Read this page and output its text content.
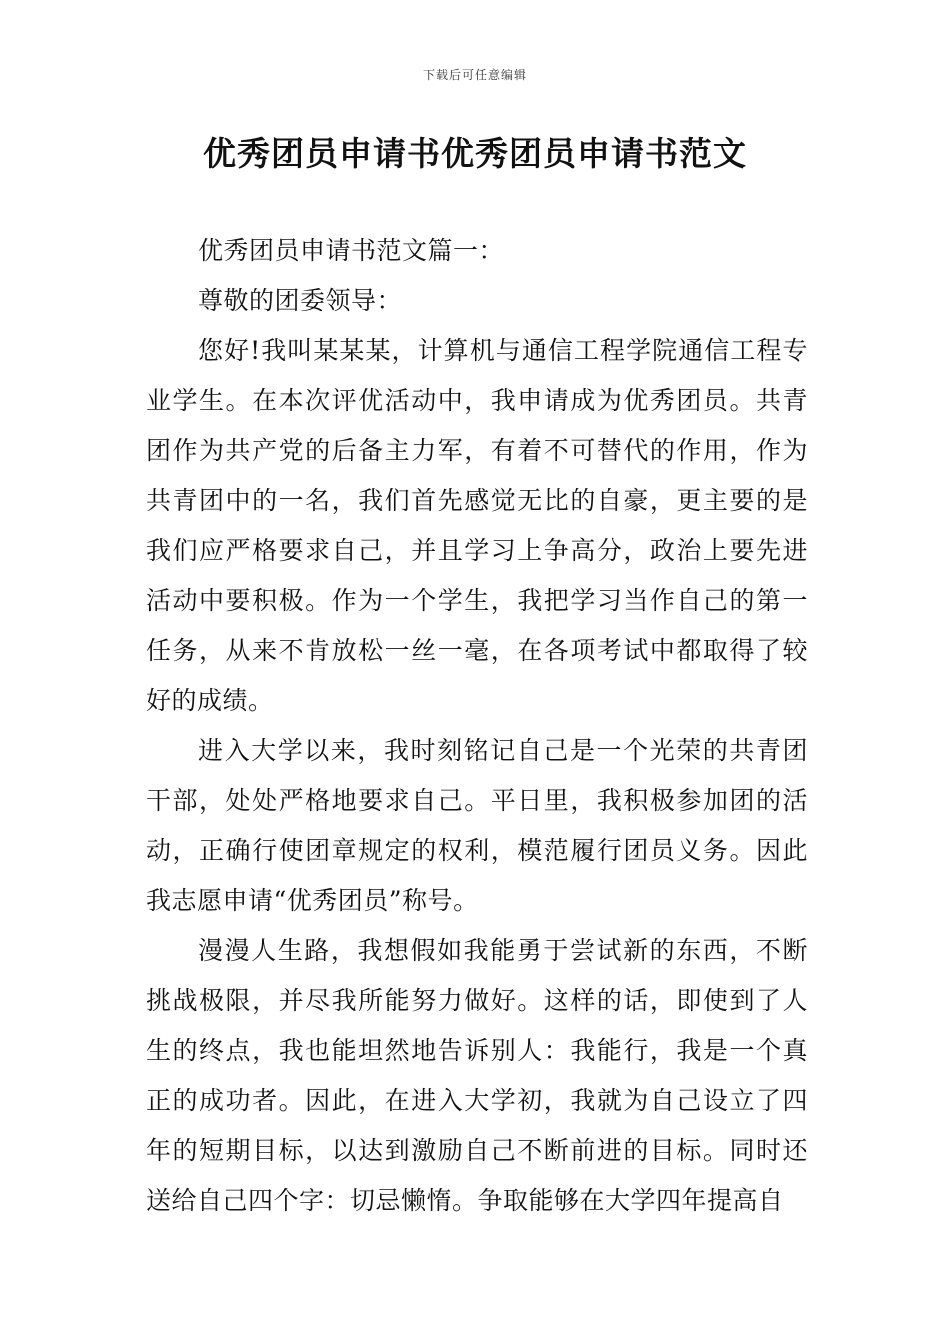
下载后可任意编辑
优秀团员申请书优秀团员申请书范文

优秀团员申请书范文篇一：

尊敬的团委领导：

您好!我叫某某某，计算机与通信工程学院通信工程专业学生。在本次评优活动中，我申请成为优秀团员。共青团作为共产党的后备主力军，有着不可替代的作用，作为共青团中的一名，我们首先感觉无比的自豪，更主要的是我们应严格要求自己，并且学习上争高分，政治上要先进活动中要积极。作为一个学生，我把学习当作自己的第一任务，从来不肯放松一丝一毫，在各项考试中都取得了较好的成绩。

进入大学以来，我时刻铭记自己是一个光荣的共青团干部，处处严格地要求自己。平日里，我积极参加团的活动，正确行使团章规定的权利，模范履行团员义务。因此我志愿申请“优秀团员”称号。

漫漫人生路，我想假如我能勇于尝试新的东西，不断挑战极限，并尽我所能努力做好。这样的话，即使到了人生的终点，我也能坦然地告诉别人：我能行，我是一个真正的成功者。因此，在进入大学初，我就为自己设立了四年的短期目标，以达到激励自己不断前进的目标。同时还送给自己四个字：切忌懒惰。争取能够在大学四年提高自
